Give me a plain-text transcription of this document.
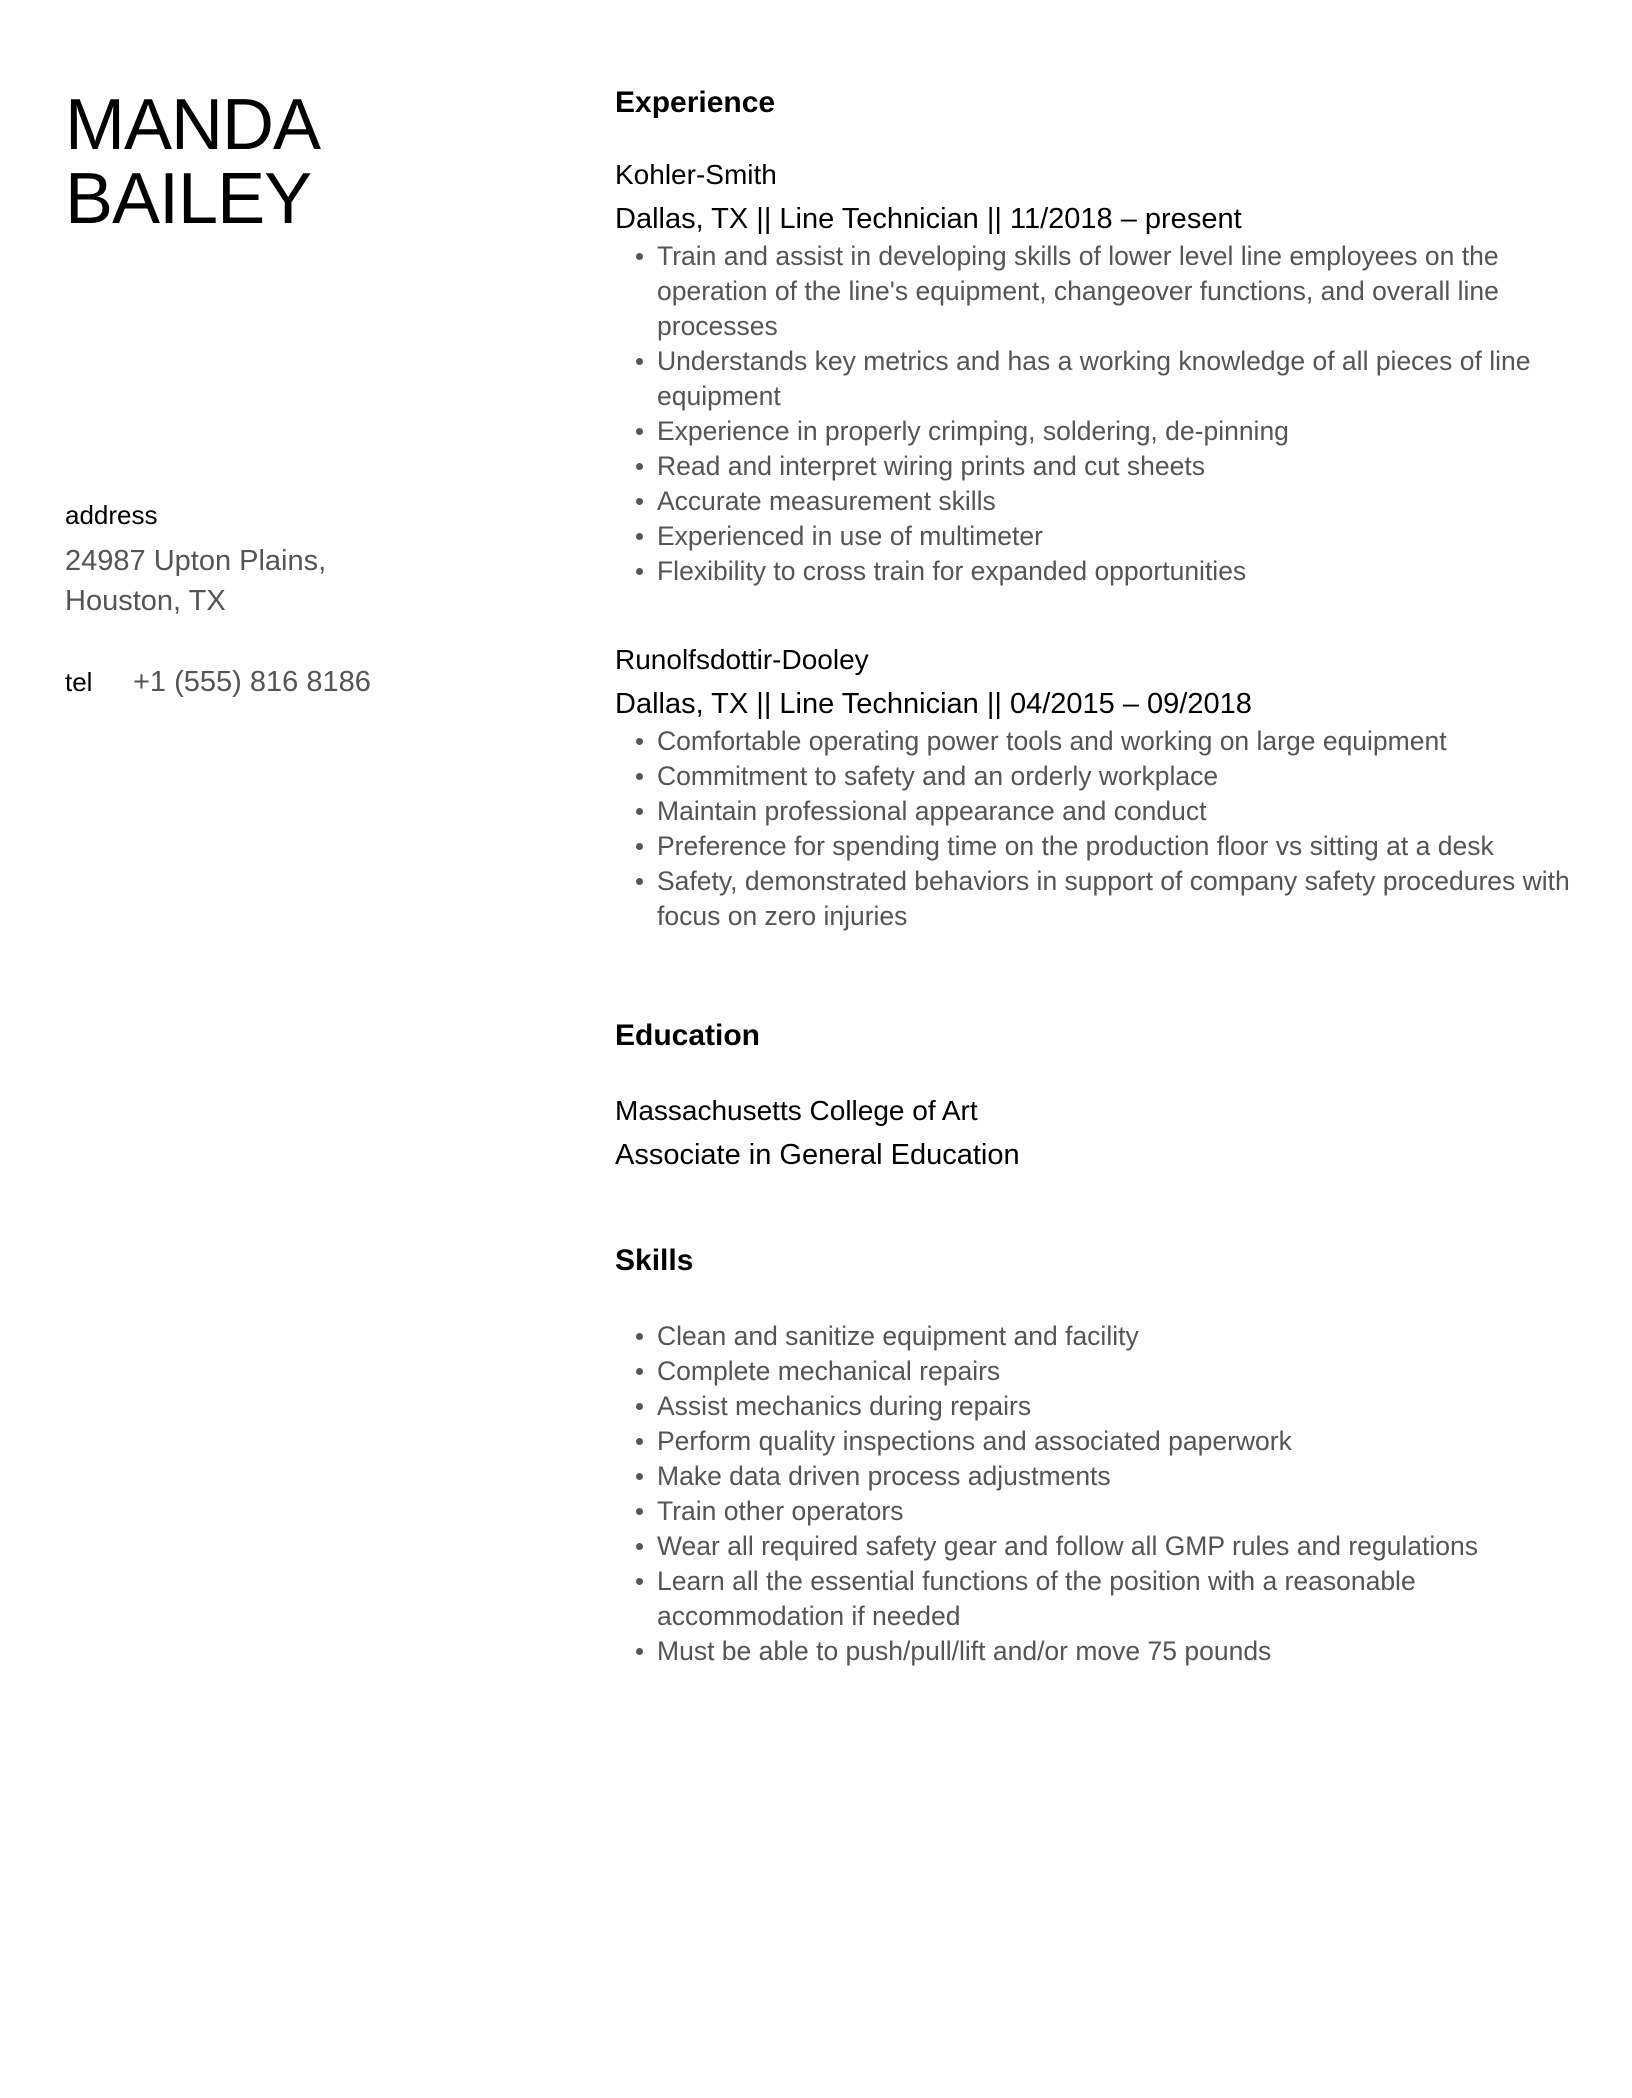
MANDA
BAILEY
address
24987 Upton Plains,
Houston, TX
tel	+1 (555) 816 8186
Experience
Kohler-Smith
Dallas, TX || Line Technician || 11/2018 – present
Train and assist in developing skills of lower level line employees on the operation of the line's equipment, changeover functions, and overall line processes
Understands key metrics and has a working knowledge of all pieces of line equipment
Experience in properly crimping, soldering, de-pinning
Read and interpret wiring prints and cut sheets
Accurate measurement skills
Experienced in use of multimeter
Flexibility to cross train for expanded opportunities
Runolfsdottir-Dooley
Dallas, TX || Line Technician || 04/2015 – 09/2018
Comfortable operating power tools and working on large equipment
Commitment to safety and an orderly workplace
Maintain professional appearance and conduct
Preference for spending time on the production floor vs sitting at a desk
Safety, demonstrated behaviors in support of company safety procedures with focus on zero injuries
Education
Massachusetts College of Art
Associate in General Education
Skills
Clean and sanitize equipment and facility
Complete mechanical repairs
Assist mechanics during repairs
Perform quality inspections and associated paperwork
Make data driven process adjustments
Train other operators
Wear all required safety gear and follow all GMP rules and regulations
Learn all the essential functions of the position with a reasonable accommodation if needed
Must be able to push/pull/lift and/or move 75 pounds
